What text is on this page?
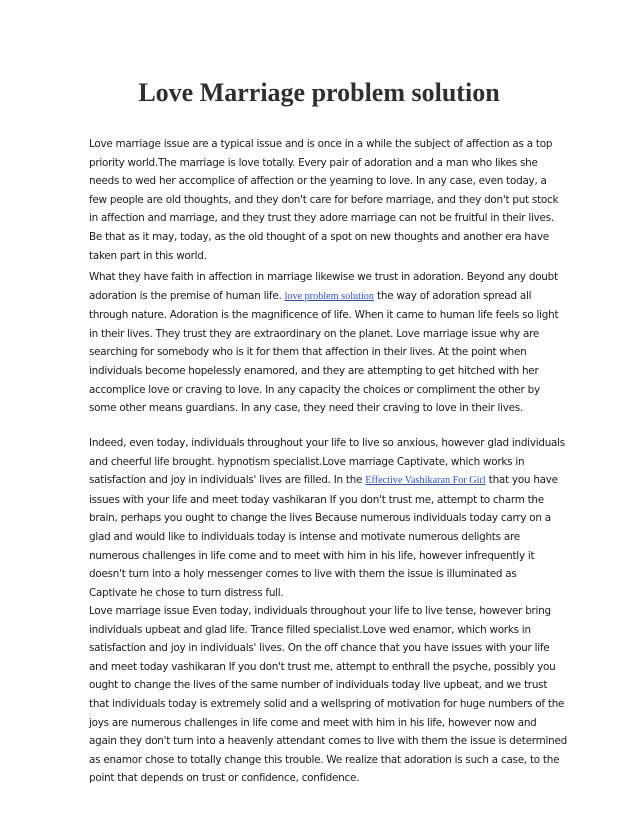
Love Marriage problem solution

Love marriage issue are a typical issue and is once in a while the subject of affection as a top priority world.The marriage is love totally. Every pair of adoration and a man who likes she needs to wed her accomplice of affection or the yearning to love. In any case, even today, a few people are old thoughts, and they don't care for before marriage, and they don't put stock in affection and marriage, and they trust they adore marriage can not be fruitful in their lives. Be that as it may, today, as the old thought of a spot on new thoughts and another era have taken part in this world.

What they have faith in affection in marriage likewise we trust in adoration. Beyond any doubt adoration is the premise of human life. love problem solution the way of adoration spread all through nature. Adoration is the magnificence of life. When it came to human life feels so light in their lives. They trust they are extraordinary on the planet. Love marriage issue why are searching for somebody who is it for them that affection in their lives. At the point when individuals become hopelessly enamored, and they are attempting to get hitched with her accomplice love or craving to love. In any capacity the choices or compliment the other by some other means guardians. In any case, they need their craving to love in their lives.

Indeed, even today, individuals throughout your life to live so anxious, however glad individuals and cheerful life brought. hypnotism specialist.Love marriage Captivate, which works in satisfaction and joy in individuals' lives are filled. In the Effective Vashikaran For Girl that you have issues with your life and meet today vashikaran If you don't trust me, attempt to charm the brain, perhaps you ought to change the lives Because numerous individuals today carry on a glad and would like to individuals today is intense and motivate numerous delights are numerous challenges in life come and to meet with him in his life, however infrequently it doesn't turn into a holy messenger comes to live with them the issue is illuminated as Captivate he chose to turn distress full.

Love marriage issue Even today, individuals throughout your life to live tense, however bring individuals upbeat and glad life. Trance filled specialist.Love wed enamor, which works in satisfaction and joy in individuals' lives. On the off chance that you have issues with your life and meet today vashikaran If you don't trust me, attempt to enthrall the psyche, possibly you ought to change the lives of the same number of individuals today live upbeat, and we trust that individuals today is extremely solid and a wellspring of motivation for huge numbers of the joys are numerous challenges in life come and meet with him in his life, however now and again they don't turn into a heavenly attendant comes to live with them the issue is determined as enamor chose to totally change this trouble. We realize that adoration is such a case, to the point that depends on trust or confidence, confidence.
